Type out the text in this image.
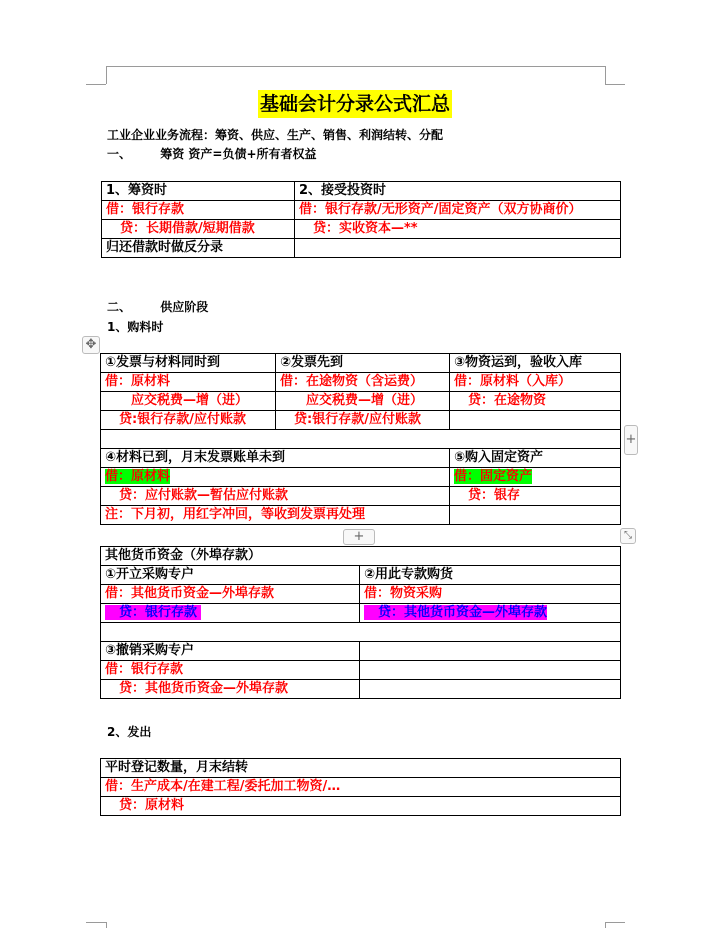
基础会计分录公式汇总
工业企业业务流程：筹资、供应、生产、销售、利润结转、分配
一、       筹资 资产=负债+所有者权益
1、筹资时	2、接受投资时
借：银行存款	借：银行存款/无形资产/固定资产（双方协商价）
贷：长期借款/短期借款	贷：实收资本—**
归还借款时做反分录	
二、       供应阶段
1、购料时
✥
①发票与材料同时到	②发票先到	③物资运到，验收入库
借：原材料	借：在途物资（含运费）	借：原材料（入库）
应交税费—增（进）	应交税费—增（进）	贷：在途物资
贷:银行存款/应付账款	贷:银行存款/应付账款	

④材料已到，月末发票账单未到		⑤购入固定资产
借：原材料		借：固定资产
贷：应付账款—暂估应付账款		贷：银存
注：下月初，用红字冲回，等收到发票再处理		
+
+	⤡
其他货币资金（外埠存款）	
①开立采购专户	②用此专款购货
借：其他货币资金—外埠存款	借：物资采购
贷：银行存款	贷：其他货币资金—外埠存款

③撤销采购专户	
借：银行存款	
贷：其他货币资金—外埠存款	
2、发出
平时登记数量，月末结转
借：生产成本/在建工程/委托加工物资/…
贷：原材料
